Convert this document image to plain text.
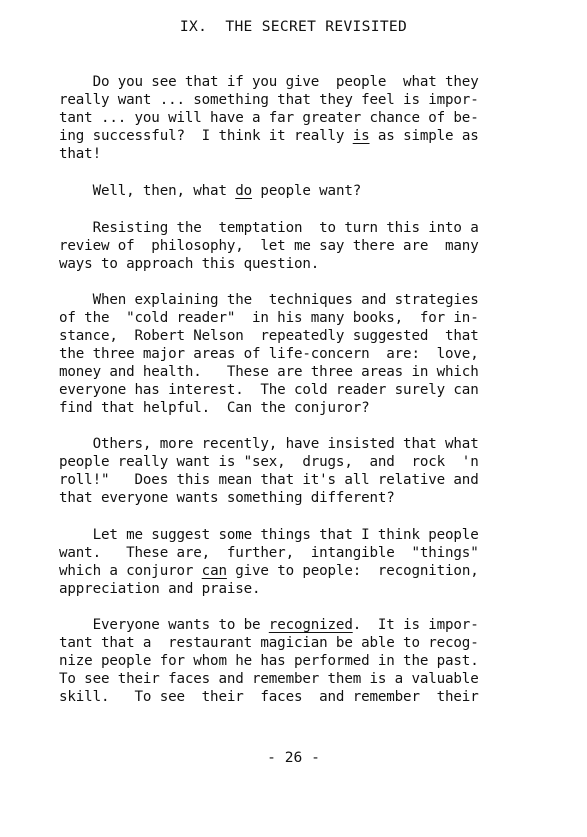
IX.  THE SECRET REVISITED
Do you see that if you give  people  what they
really want ... something that they feel is impor-
tant ... you will have a far greater chance of be-
ing successful?  I think it really is as simple as
that!
Well, then, what do people want?
Resisting the  temptation  to turn this into a
review of  philosophy,  let me say there are  many
ways to approach this question.
When explaining the  techniques and strategies
of the  "cold reader"  in his many books,  for in-
stance,  Robert Nelson  repeatedly suggested  that
the three major areas of life-concern  are:  love,
money and health.   These are three areas in which
everyone has interest.  The cold reader surely can
find that helpful.  Can the conjuror?
Others, more recently, have insisted that what
people really want is "sex,  drugs,  and  rock  'n
roll!"   Does this mean that it's all relative and
that everyone wants something different?
Let me suggest some things that I think people
want.   These are,  further,  intangible  "things"
which a conjuror can give to people:  recognition,
appreciation and praise.
Everyone wants to be recognized.  It is impor-
tant that a  restaurant magician be able to recog-
nize people for whom he has performed in the past.
To see their faces and remember them is a valuable
skill.   To see  their  faces  and remember  their
- 26 -
